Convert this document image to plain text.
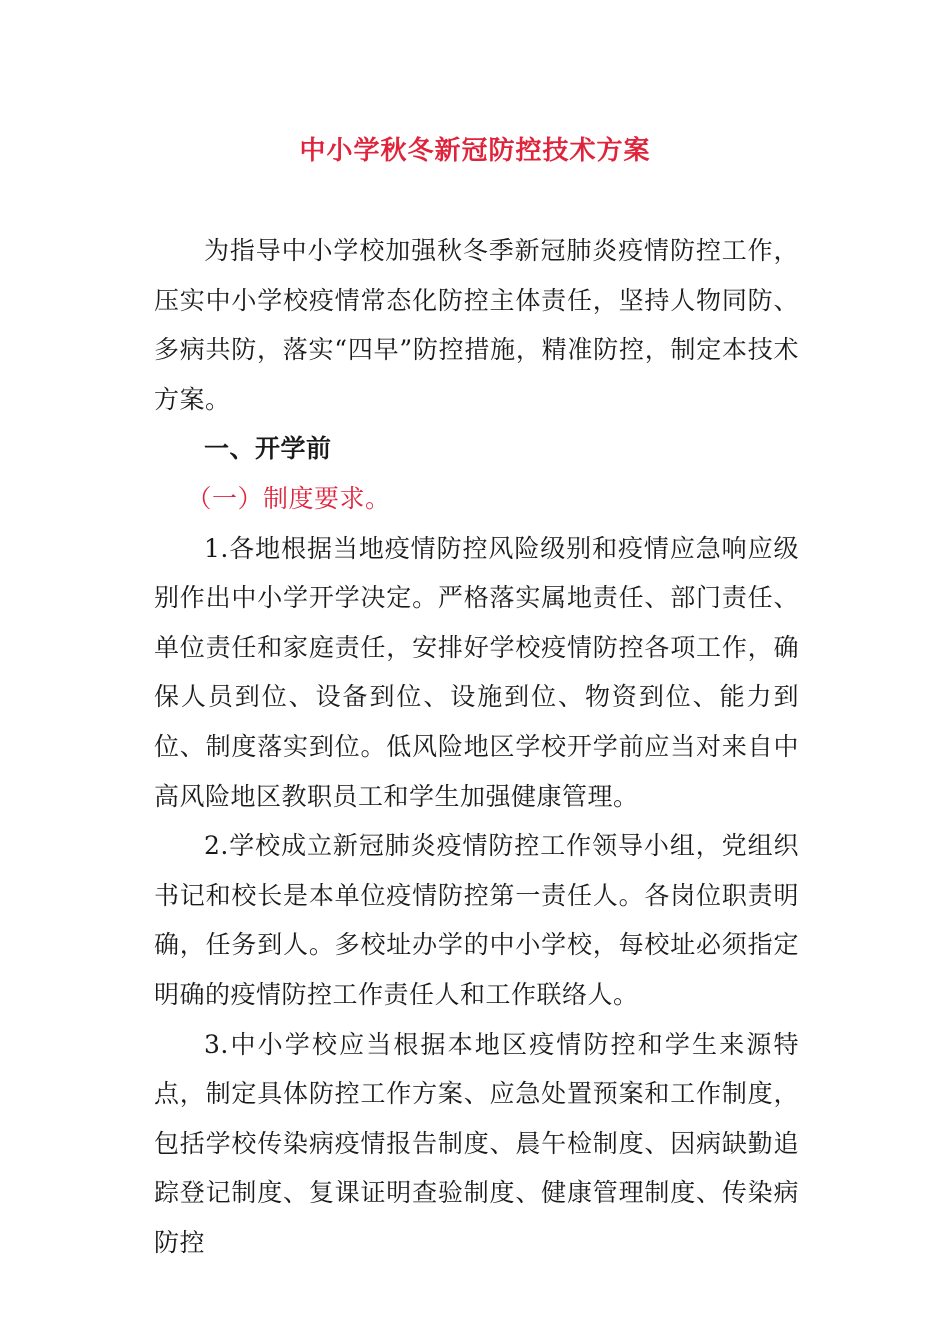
中小学秋冬新冠防控技术方案

为指导中小学校加强秋冬季新冠肺炎疫情防控工作，压实中小学校疫情常态化防控主体责任，坚持人物同防、多病共防，落实“四早”防控措施，精准防控，制定本技术方案。

一、开学前

（一）制度要求。

1.各地根据当地疫情防控风险级别和疫情应急响应级别作出中小学开学决定。严格落实属地责任、部门责任、单位责任和家庭责任，安排好学校疫情防控各项工作，确保人员到位、设备到位、设施到位、物资到位、能力到位、制度落实到位。低风险地区学校开学前应当对来自中高风险地区教职员工和学生加强健康管理。

2.学校成立新冠肺炎疫情防控工作领导小组，党组织书记和校长是本单位疫情防控第一责任人。各岗位职责明确，任务到人。多校址办学的中小学校，每校址必须指定明确的疫情防控工作责任人和工作联络人。

3.中小学校应当根据本地区疫情防控和学生来源特点，制定具体防控工作方案、应急处置预案和工作制度，包括学校传染病疫情报告制度、晨午检制度、因病缺勤追踪登记制度、复课证明查验制度、健康管理制度、传染病防控
